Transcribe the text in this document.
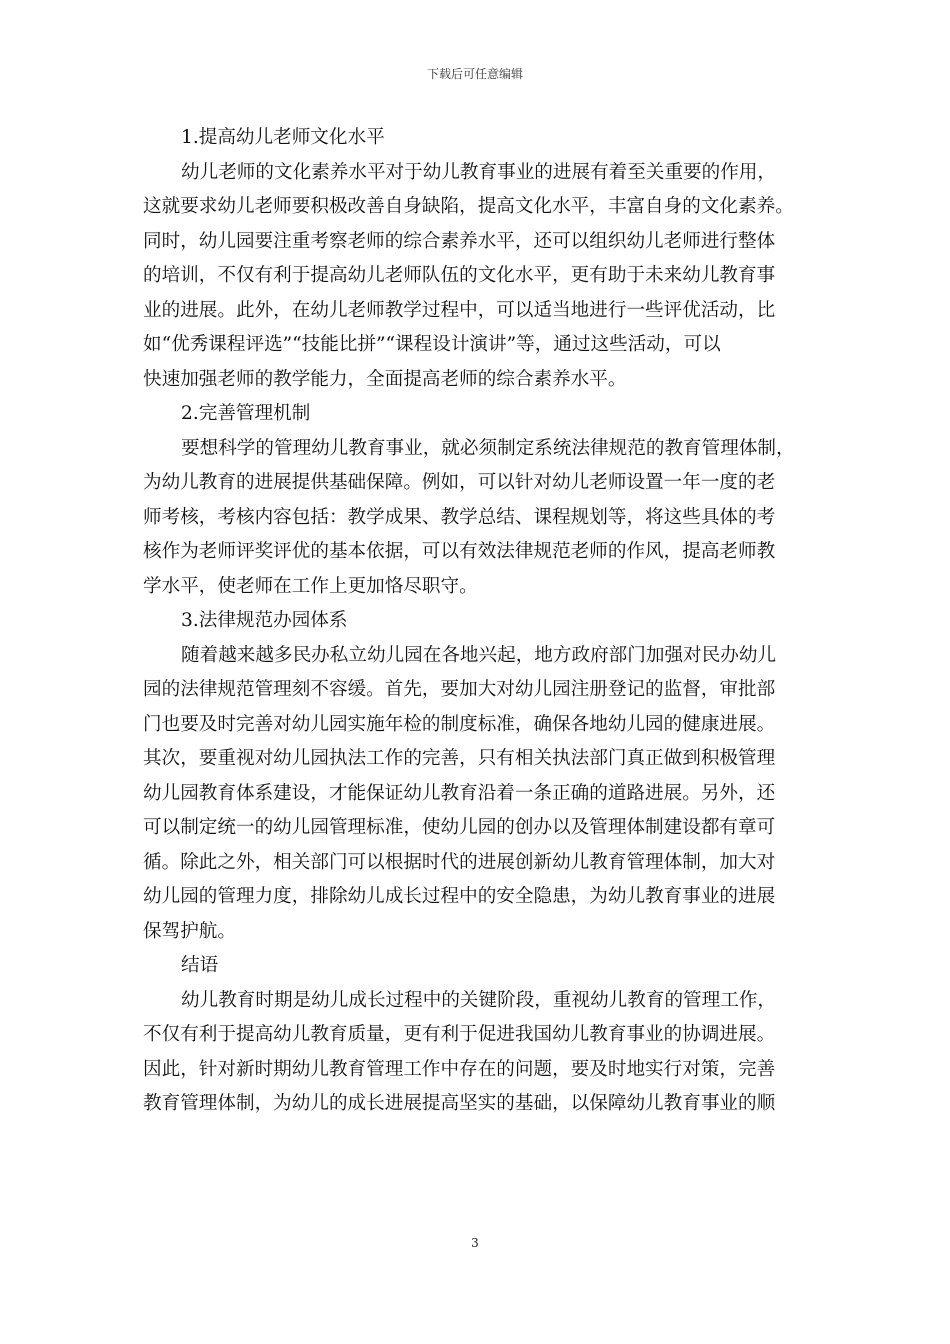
下载后可任意编辑
1.提高幼儿老师文化水平
幼儿老师的文化素养水平对于幼儿教育事业的进展有着至关重要的作用，
这就要求幼儿老师要积极改善自身缺陷，提高文化水平，丰富自身的文化素养。
同时，幼儿园要注重考察老师的综合素养水平，还可以组织幼儿老师进行整体
的培训，不仅有利于提高幼儿老师队伍的文化水平，更有助于未来幼儿教育事
业的进展。此外，在幼儿老师教学过程中，可以适当地进行一些评优活动，比
如“优秀课程评选”“技能比拼”“课程设计演讲”等，通过这些活动，可以
快速加强老师的教学能力，全面提高老师的综合素养水平。
2.完善管理机制
要想科学的管理幼儿教育事业，就必须制定系统法律规范的教育管理体制，
为幼儿教育的进展提供基础保障。例如，可以针对幼儿老师设置一年一度的老
师考核，考核内容包括：教学成果、教学总结、课程规划等，将这些具体的考
核作为老师评奖评优的基本依据，可以有效法律规范老师的作风，提高老师教
学水平，使老师在工作上更加恪尽职守。
3.法律规范办园体系
随着越来越多民办私立幼儿园在各地兴起，地方政府部门加强对民办幼儿
园的法律规范管理刻不容缓。首先，要加大对幼儿园注册登记的监督，审批部
门也要及时完善对幼儿园实施年检的制度标准，确保各地幼儿园的健康进展。
其次，要重视对幼儿园执法工作的完善，只有相关执法部门真正做到积极管理
幼儿园教育体系建设，才能保证幼儿教育沿着一条正确的道路进展。另外，还
可以制定统一的幼儿园管理标准，使幼儿园的创办以及管理体制建设都有章可
循。除此之外，相关部门可以根据时代的进展创新幼儿教育管理体制，加大对
幼儿园的管理力度，排除幼儿成长过程中的安全隐患，为幼儿教育事业的进展
保驾护航。
结语
幼儿教育时期是幼儿成长过程中的关键阶段，重视幼儿教育的管理工作，
不仅有利于提高幼儿教育质量，更有利于促进我国幼儿教育事业的协调进展。
因此，针对新时期幼儿教育管理工作中存在的问题，要及时地实行对策，完善
教育管理体制，为幼儿的成长进展提高坚实的基础，以保障幼儿教育事业的顺
3
